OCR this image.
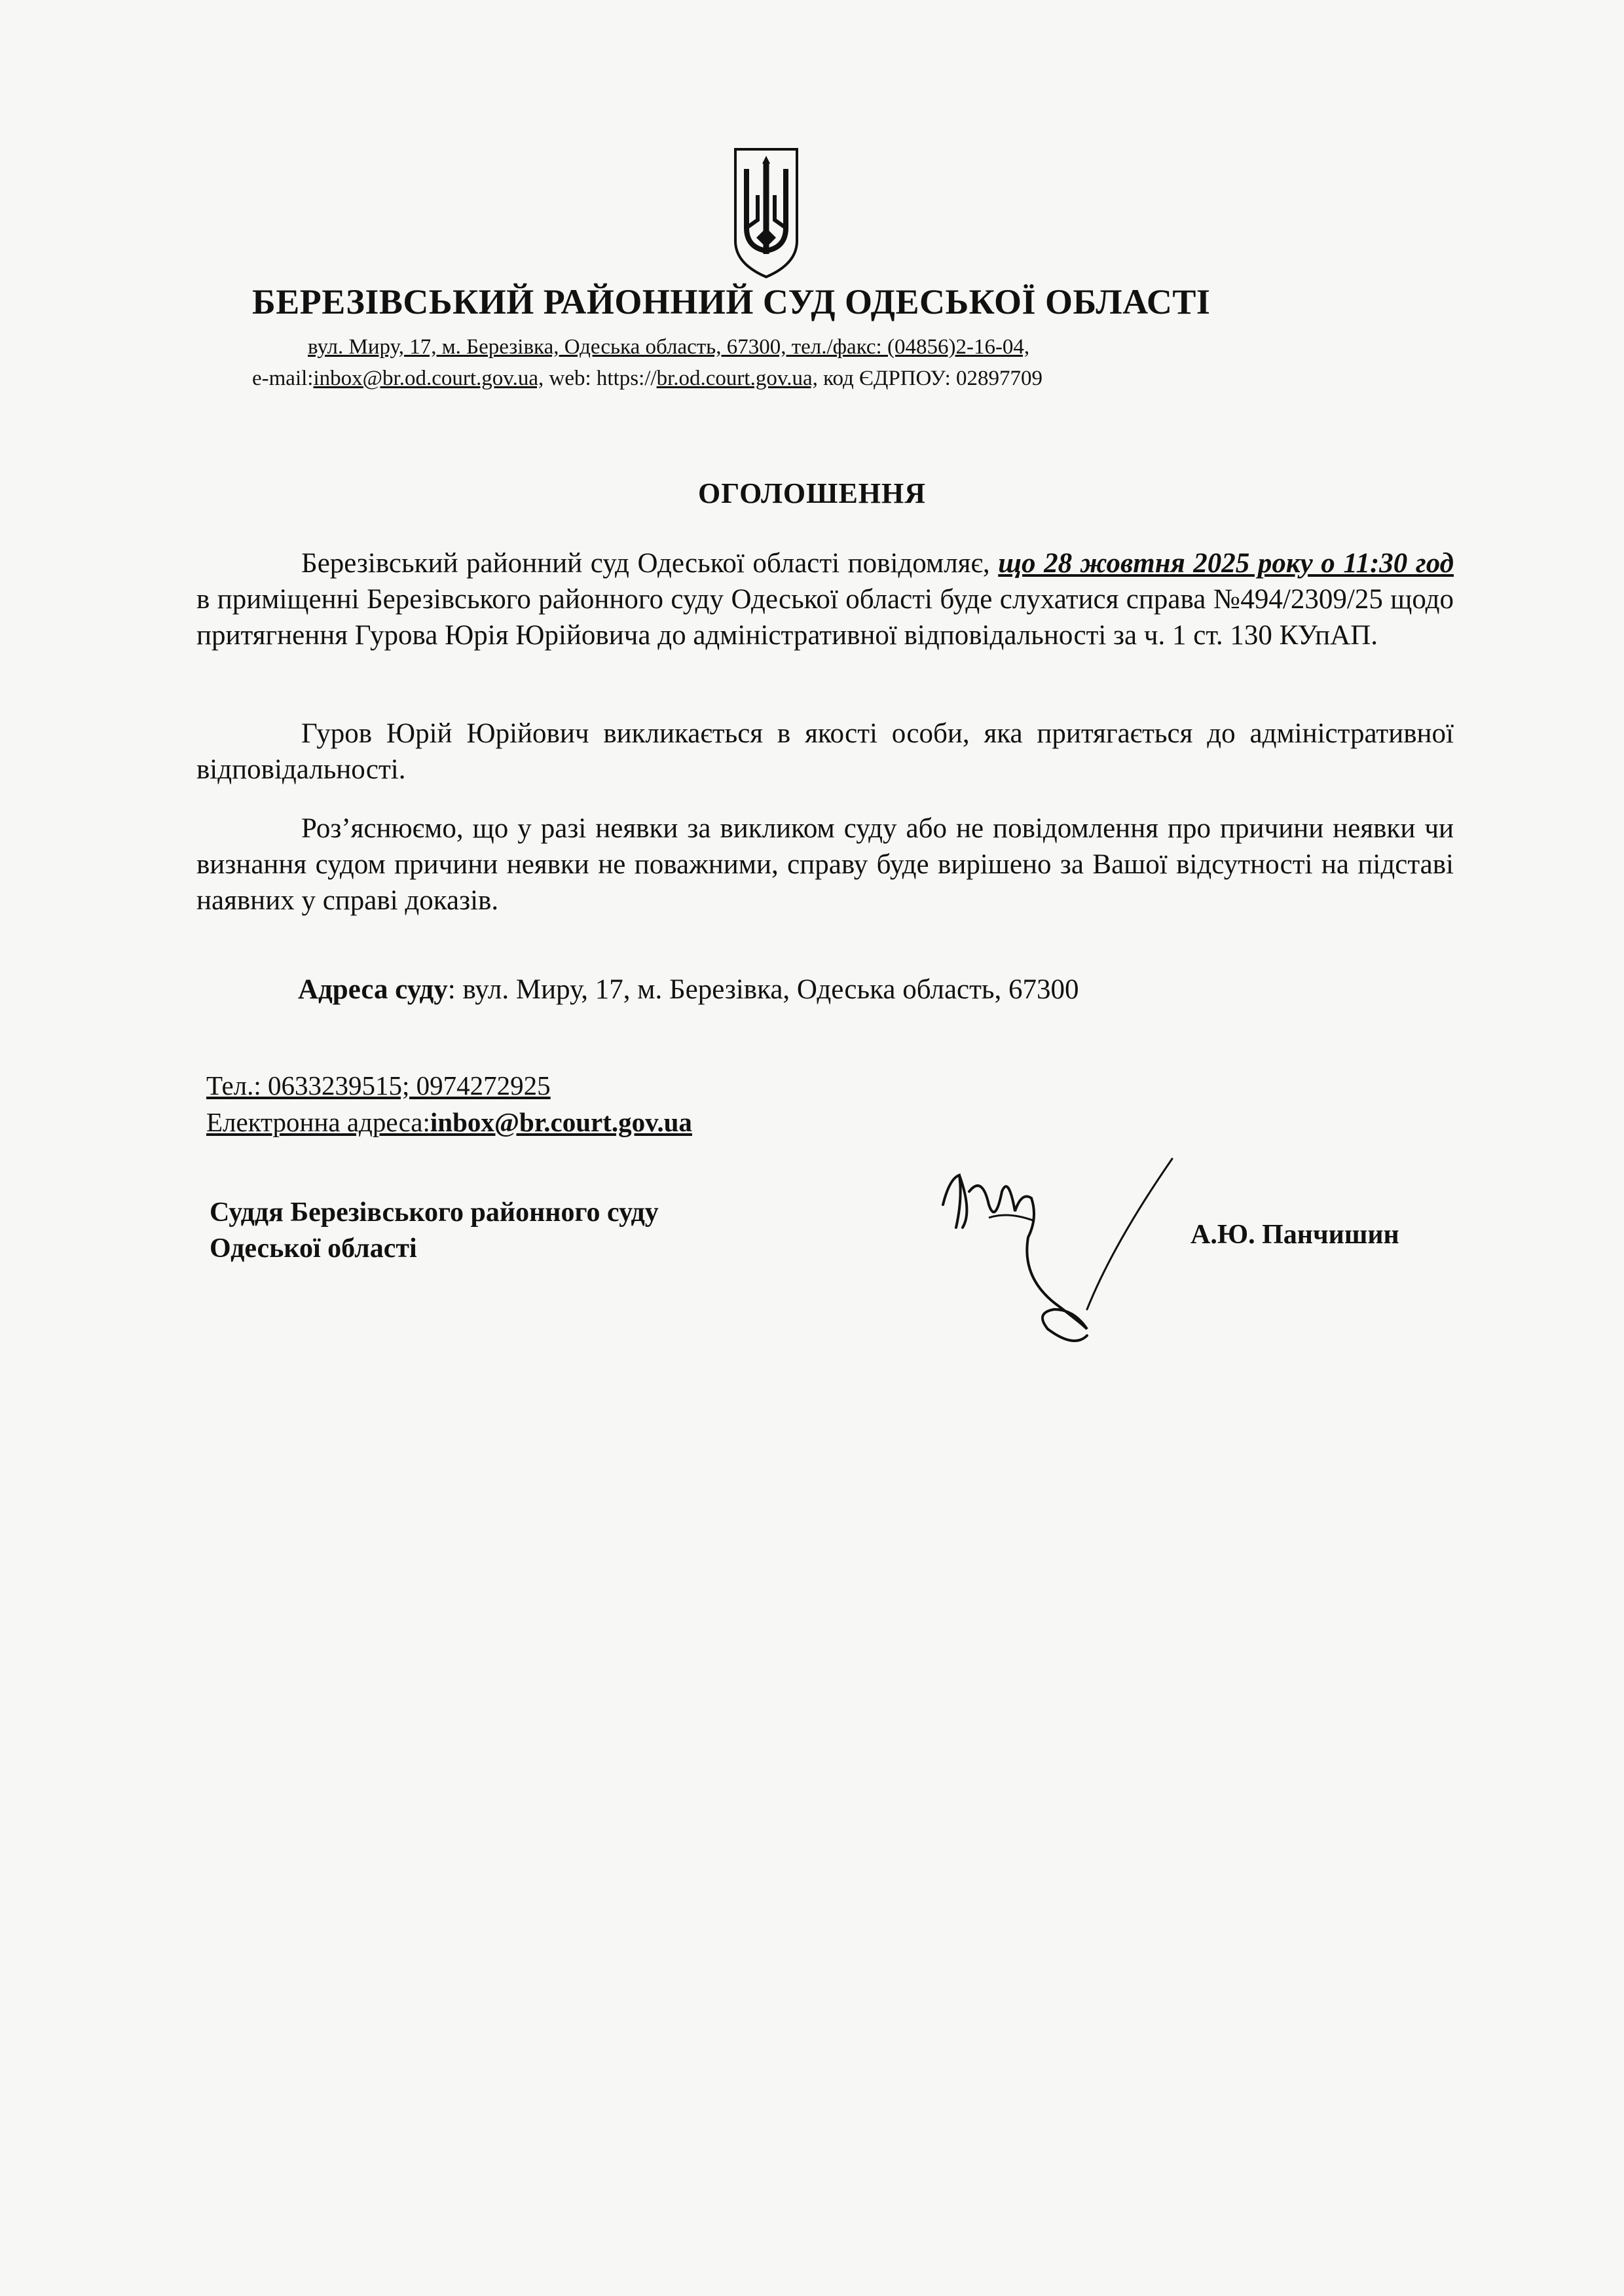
БЕРЕЗІВСЬКИЙ РАЙОННИЙ СУД ОДЕСЬКОЇ ОБЛАСТІ
вул. Миру, 17, м. Березівка, Одеська область, 67300, тел./факс: (04856)2-16-04,
e-mail:inbox@br.od.court.gov.ua, web: https://br.od.court.gov.ua, код ЄДРПОУ: 02897709
ОГОЛОШЕННЯ
Березівський районний суд Одеської області повідомляє, що 28 жовтня 2025 року о 11:30 год в приміщенні Березівського районного суду Одеської області буде слухатися справа №494/2309/25 щодо притягнення Гурова Юрія Юрійовича до адміністративної відповідальності за ч. 1 ст. 130 КУпАП.
Гуров Юрій Юрійович викликається в якості особи, яка притягається до адміністративної відповідальності.
Роз’яснюємо, що у разі неявки за викликом суду або не повідомлення про причини неявки чи визнання судом причини неявки не поважними, справу буде вирішено за Вашої відсутності на підставі наявних у справі доказів.
Адреса суду: вул. Миру, 17, м. Березівка, Одеська область, 67300
Тел.: 0633239515; 0974272925
Електронна адреса:inbox@br.court.gov.ua
Суддя Березівського районного суду
Одеської області	А.Ю. Панчишин
